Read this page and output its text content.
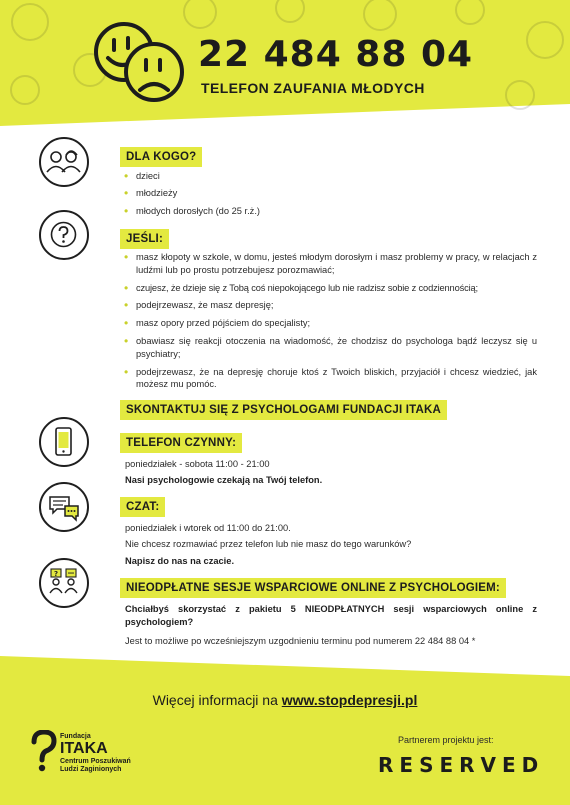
22 484 88 04
TELEFON ZAUFANIA MŁODYCH
DLA KOGO?
• dzieci
• młodzieży
• młodych dorosłych (do 25 r.ż.)
JEŚLI:
• masz kłopoty w szkole, w domu, jesteś młodym dorosłym i masz problemy w pracy, w relacjach z ludźmi lub po prostu potrzebujesz porozmawiać;
• czujesz, że dzieje się z Tobą coś niepokojącego lub nie radzisz sobie z codziennością;
• podejrzewasz, że masz depresję;
• masz opory przed pójściem do specjalisty;
• obawiasz się reakcji otoczenia na wiadomość, że chodzisz do psychologa bądź leczysz się u psychiatry;
• podejrzewasz, że na depresję choruje ktoś z Twoich bliskich, przyjaciół i chcesz wiedzieć, jak możesz mu pomóc.
SKONTAKTUJ SIĘ Z PSYCHOLOGAMI FUNDACJI ITAKA
TELEFON CZYNNY:
poniedziałek - sobota 11:00 - 21:00
Nasi psychologowie czekają na Twój telefon.
CZAT:
poniedziałek i wtorek od 11:00 do 21:00.
Nie chcesz rozmawiać przez telefon lub nie masz do tego warunków?
Napisz do nas na czacie.
?
NIEODPŁATNE SESJE WSPARCIOWE ONLINE Z PSYCHOLOGIEM:
Chciałbyś skorzystać z pakietu 5 NIEODPŁATNYCH sesji wsparciowych online z psychologiem?
Jest to możliwe po wcześniejszym uzgodnieniu terminu pod numerem 22 484 88 04 *
Więcej informacji na www.stopdepresji.pl
Fundacja
ITAKA
Centrum Poszukiwań
Ludzi Zaginionych
Partnerem projektu jest:
RESERVED
